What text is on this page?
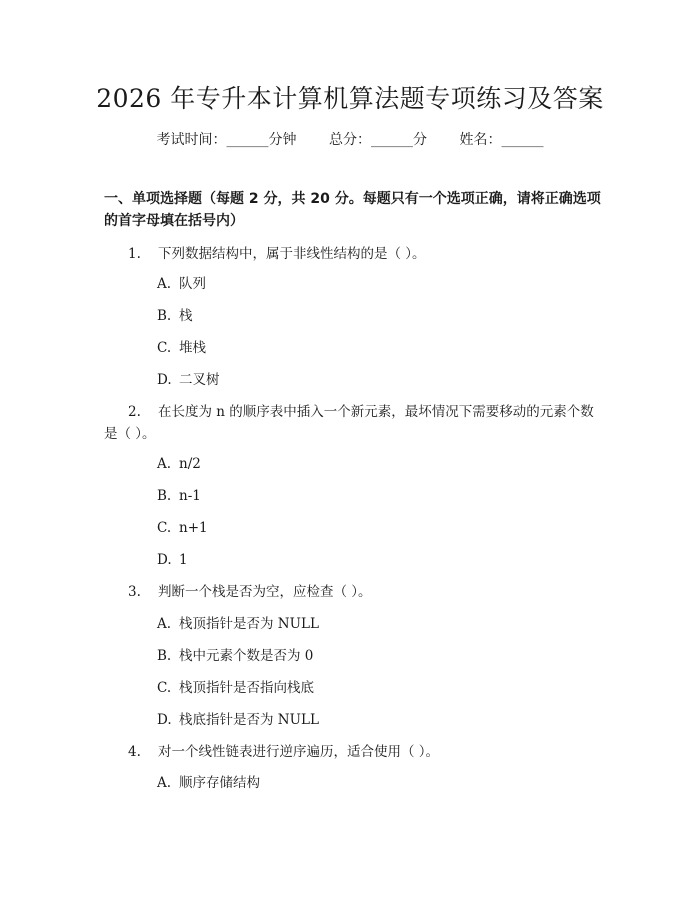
2026 年专升本计算机算法题专项练习及答案
考试时间：______分钟 总分：______分 姓名：______
一、单项选择题（每题 2 分，共 20 分。每题只有一个选项正确，请将正确选项的首字母填在括号内）
1. 下列数据结构中，属于非线性结构的是（ ）。
A. 队列
B. 栈
C. 堆栈
D. 二叉树
2. 在长度为 n 的顺序表中插入一个新元素，最坏情况下需要移动的元素个数是（ ）。
A. n/2
B. n-1
C. n+1
D. 1
3. 判断一个栈是否为空，应检查（ ）。
A. 栈顶指针是否为 NULL
B. 栈中元素个数是否为 0
C. 栈顶指针是否指向栈底
D. 栈底指针是否为 NULL
4. 对一个线性链表进行逆序遍历，适合使用（ ）。
A. 顺序存储结构
